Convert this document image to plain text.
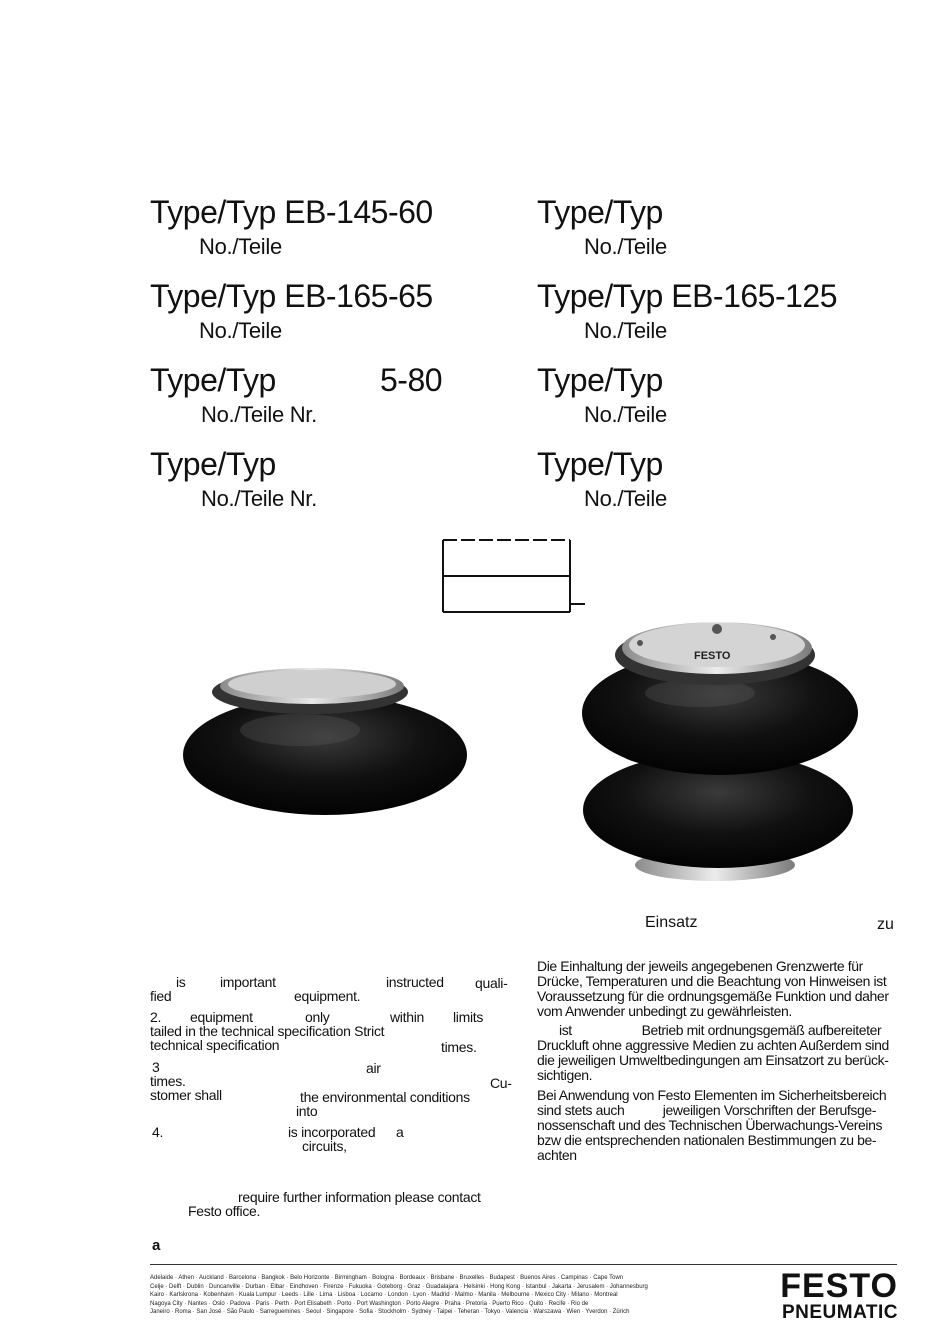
Type/Typ EB-145-60
No./Teile
Type/Typ
No./Teile
Type/Typ EB-165-65
No./Teile
Type/Typ EB-165-125
No./Teile
Type/Typ	5-80
No./Teile Nr.
Type/Typ
No./Teile
Type/Typ
No./Teile Nr.
Type/Typ
No./Teile
FESTO
Einsatz	zu
is important	instructed quali-
fied	equipment.
2. equipment	only	within limits
tailed in the technical specification Strict
technical specification	times.
3	air
times.	Cu-
stomer shall	the environmental conditions
into
4.	is incorporated a
circuits,
require further information please contact
Festo office.
a
Die Einhaltung der jeweils angegebenen Grenzwerte für
Drücke, Temperaturen und die Beachtung von Hinweisen ist
Voraussetzung für die ordnungsgemäße Funktion und daher
vom Anwender unbedingt zu gewährleisten.
ist                    Betrieb mit ordnungsgemäß aufbereiteter
Druckluft ohne aggressive Medien zu achten Außerdem sind
die jeweiligen Umweltbedingungen am Einsatzort zu berück-
sichtigen.
Bei Anwendung von Festo Elementen im Sicherheitsbereich
sind stets auch           jeweiligen Vorschriften der Berufsge-
nossenschaft und des Technischen Überwachungs-Vereins
bzw die entsprechenden nationalen Bestimmungen zu be-
achten
Adelaide · Athen · Auckland · Barcelona · Bangkok · Belo Horizonte · Birmingham · Bologna · Bordeaux · Brisbane · Bruxelles · Budapest · Buenos Aires · Campinas · Cape Town
Celje · Delft · Dublin · Duncanville · Durban · Elbar · Eindhoven · Firenze · Fukuoka · Goteborg · Graz · Guadalajara · Helsinki · Hong Kong · Istanbul · Jakarta · Jerusalem · Johannesburg
Kairo · Karlskrona · Kobenhavn · Kuala Lumpur · Leeds · Lille · Lima · Lisboa · Locarno · London · Lyon · Madrid · Malmo · Manila · Melbourne · Mexico City · Milano · Montreal
Nagoya City · Nantes · Oslo · Padova · Paris · Perth · Port Elisabeth · Porto · Port Washington · Porto Alegre · Praha · Pretoria · Puerto Rico · Quito · Recife · Rio de
Janeiro · Roma · San José · São Paulo · Sarreguemines · Seoul · Singapore · Sofia · Stockholm · Sydney · Taipei · Teheran · Tokyo · Valencia · Warszawa · Wien · Yverdon · Zürich
FESTO
PNEUMATIC
